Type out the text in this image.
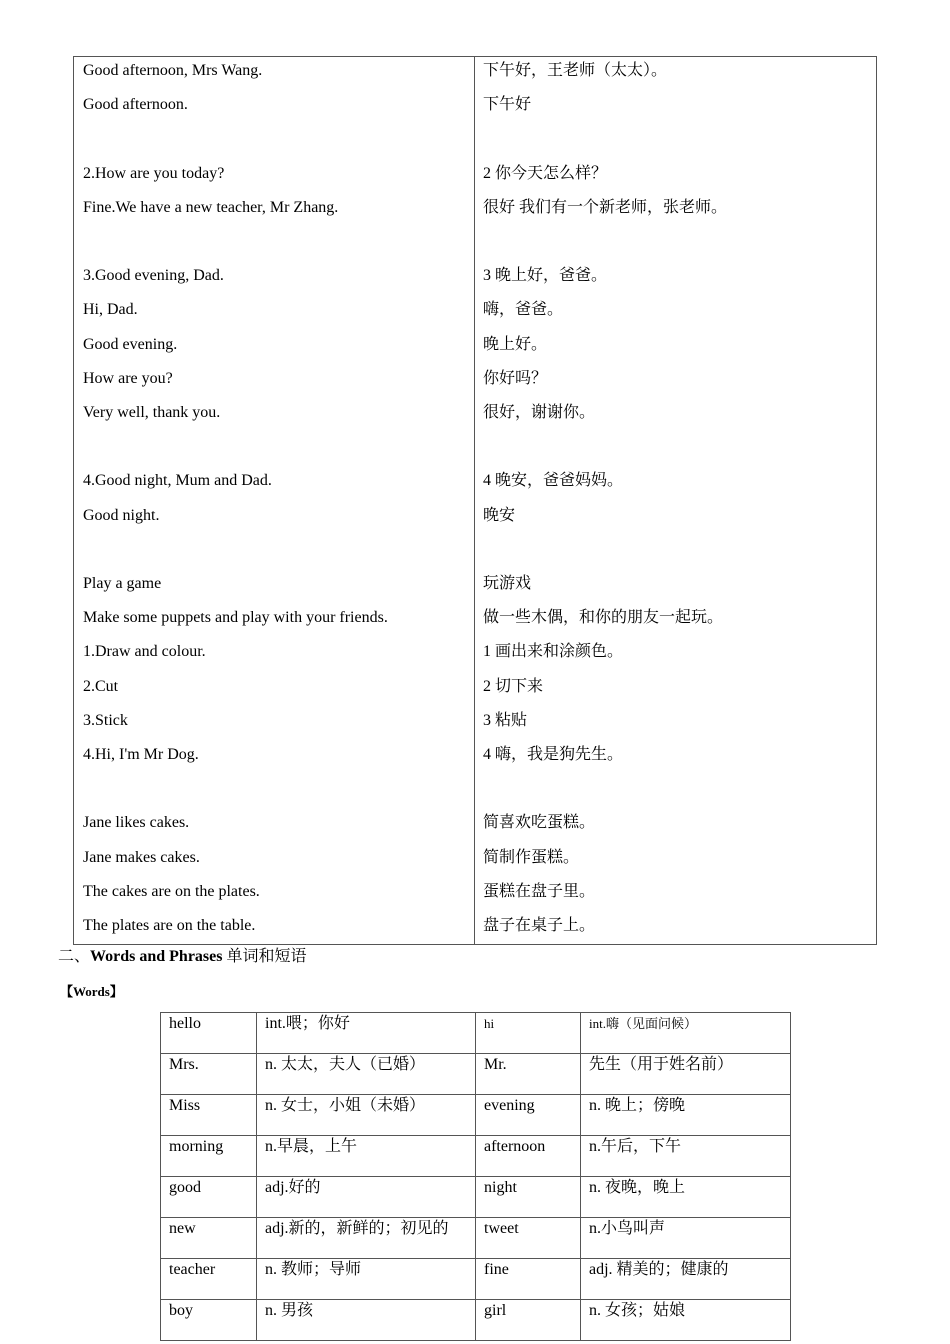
Good afternoon, Mrs Wang.	下午好，王老师（太太）。
Good afternoon.	下午好
2.How are you today?	2 你今天怎么样？
Fine.We have a new teacher, Mr Zhang.	很好 我们有一个新老师，张老师。
3.Good evening, Dad.	3 晚上好，爸爸。
Hi, Dad.	嗨，爸爸。
Good evening.	晚上好。
How are you?	你好吗？
Very well, thank you.	很好，谢谢你。
4.Good night, Mum and Dad.	4 晚安，爸爸妈妈。
Good night.	晚安
Play a game	玩游戏
Make some puppets and play with your friends.	做一些木偶，和你的朋友一起玩。
1.Draw and colour.	1 画出来和涂颜色。
2.Cut	2 切下来
3.Stick	3 粘贴
4.Hi, I'm Mr Dog.	4 嗨，我是狗先生。
Jane likes cakes.	简喜欢吃蛋糕。
Jane makes cakes.	简制作蛋糕。
The cakes are on the plates.	蛋糕在盘子里。
The plates are on the table.	盘子在桌子上。
二、Words and Phrases 单词和短语
【Words】
hello	int.喂；你好	hi	int.嗨（见面问候）
Mrs.	n. 太太，夫人（已婚）	Mr.	先生（用于姓名前）
Miss	n. 女士，小姐（未婚）	evening	n. 晚上；傍晚
morning	n.早晨，上午	afternoon	n.午后，下午
good	adj.好的	night	n. 夜晚，晚上
new	adj.新的，新鲜的；初见的	tweet	n.小鸟叫声
teacher	n. 教师；导师	fine	adj. 精美的；健康的
boy	n. 男孩	girl	n. 女孩；姑娘
